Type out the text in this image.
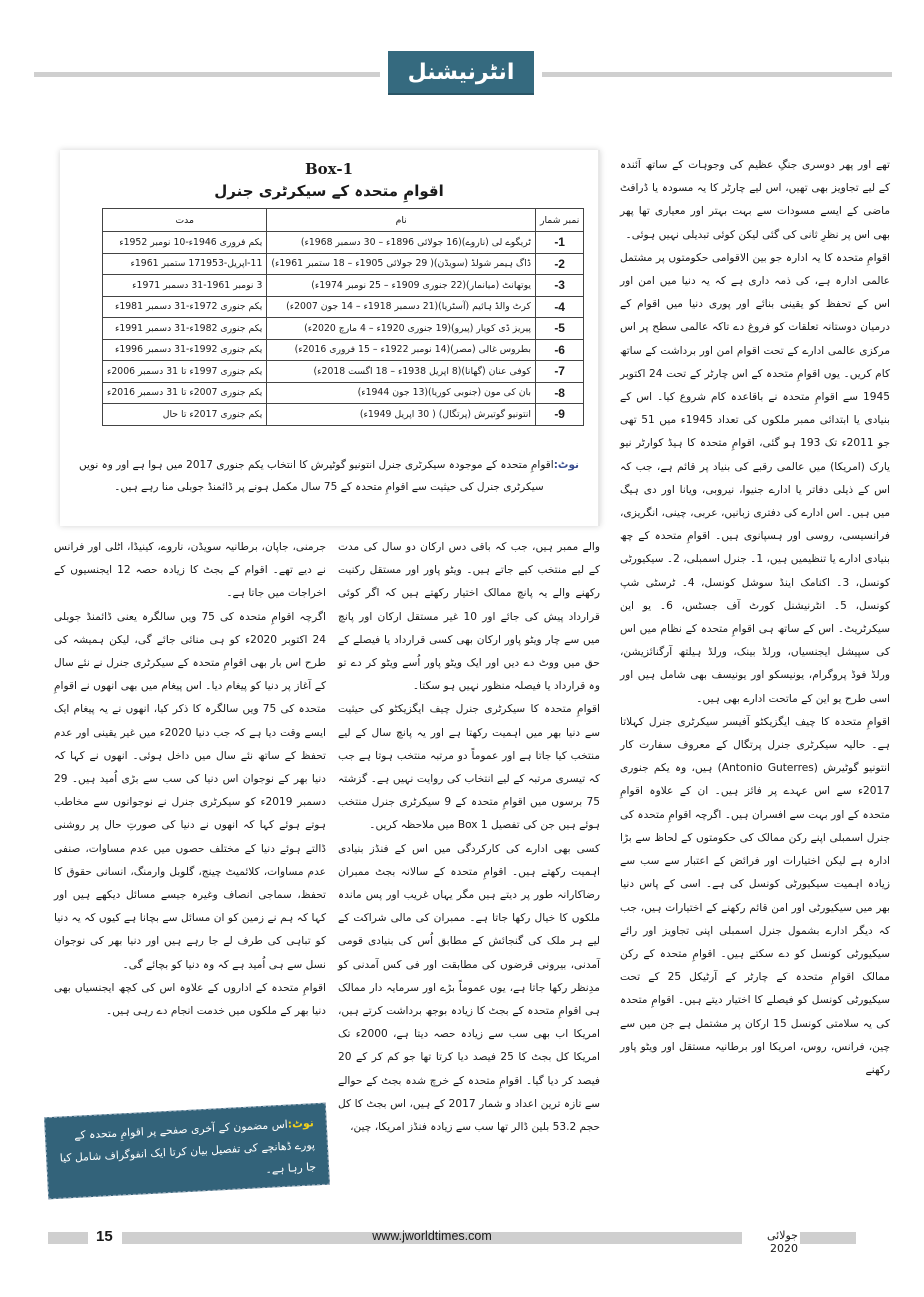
انٹرنیشنل
Box-1
اقوامِ متحدہ کے سیکرٹری جنرل
نمبر شمار	نام	مدت
-1	ٹریگوے لی (ناروے)(16 جولائی 1896ء – 30 دسمبر 1968ء)	یکم فروری 1946ء-10 نومبر 1952ء
-2	ڈاگ ہیمر شولڈ (سویڈن)( 29 جولائی 1905ء – 18 ستمبر 1961ء)	11-اپریل-171953 ستمبر 1961ء
-3	یوتھانٹ (میانمار)(22 جنوری 1909ء – 25 نومبر 1974ء)	3 نومبر 1961-31 دسمبر 1971ء
-4	کرٹ والڈ ہائیم (آسٹریا)(21 دسمبر 1918ء – 14 جون 2007ء)	یکم جنوری 1972ء-31 دسمبر 1981ء
-5	پیریز ڈی کویار (پیرو)(19 جنوری 1920ء – 4 مارچ 2020ء)	یکم جنوری 1982ء-31 دسمبر 1991ء
-6	بطروس غالی (مصر)(14 نومبر 1922ء – 15 فروری 2016ء)	یکم جنوری 1992ء-31 دسمبر 1996ء
-7	کوفی عنان (گھانا)(8 اپریل 1938ء – 18 اگست 2018ء)	یکم جنوری 1997ء تا 31 دسمبر 2006ء
-8	بان کی مون (جنوبی کوریا)(13 جون 1944ء)	یکم جنوری 2007ء تا 31 دسمبر 2016ء
-9	انتونیو گوتیرش (پرتگال) ( 30 اپریل 1949ء)	یکم جنوری 2017ء تا حال
نوٹ:اقوامِ متحدہ کے موجودہ سیکرٹری جنرل انتونیو گوٹیرش کا انتخاب یکم جنوری 2017 میں ہوا ہے اور وہ نویں سیکرٹری جنرل کی حیثیت سے اقوامِ متحدہ کے 75 سال مکمل ہونے پر ڈائمنڈ جوبلی منا رہے ہیں۔

تھے اور پھر دوسری جنگِ عظیم کی وجوہات کے ساتھ آئندہ کے لیے تجاویز بھی تھیں، اس لیے چارٹر کا یہ مسودہ یا ڈرافٹ ماضی کے ایسے مسودات سے بہت بہتر اور معیاری تھا پھر بھی اس پر نظرِ ثانی کی گئی لیکن کوئی تبدیلی نہیں ہوئی۔

اقوامِ متحدہ کا یہ ادارہ جو بین الاقوامی حکومتوں پر مشتمل عالمی ادارہ ہے، کی ذمہ داری ہے کہ یہ دنیا میں امن اور اس کے تحفظ کو یقینی بنائے اور پوری دنیا میں اقوام کے درمیان دوستانہ تعلقات کو فروغ دے تاکہ عالمی سطح پر اس مرکزی عالمی ادارے کے تحت اقوام امن اور برداشت کے ساتھ کام کریں۔ یوں اقوامِ متحدہ کے اس چارٹر کے تحت 24 اکتوبر 1945 سے اقوامِ متحدہ نے باقاعدہ کام شروع کیا۔ اس کے بنیادی یا ابتدائی ممبر ملکوں کی تعداد 1945ء میں 51 تھی جو 2011ء تک 193 ہو گئی، اقوامِ متحدہ کا ہیڈ کوارٹر نیو یارک (امریکا) میں عالمی رقبے کی بنیاد پر قائم ہے، جب کہ اس کے ذیلی دفاتر یا ادارے جنیوا، نیروبی، ویانا اور دی ہیگ میں ہیں۔ اس ادارے کی دفتری زبانیں، عربی، چینی، انگریزی، فرانسیسی، روسی اور ہسپانوی ہیں۔ اقوامِ متحدہ کے چھ بنیادی ادارے یا تنظیمیں ہیں، 1۔ جنرل اسمبلی، 2۔ سیکیورٹی کونسل، 3۔ اکنامک اینڈ سوشل کونسل، 4۔ ٹرسٹی شپ کونسل، 5۔ انٹرنیشنل کورٹ آف جسٹس، 6۔ یو این سیکرٹریٹ۔ اس کے ساتھ ہی اقوامِ متحدہ کے نظام میں اس کی سپیشل ایجنسیاں، ورلڈ بینک، ورلڈ ہیلتھ آرگنائزیشن، ورلڈ فوڈ پروگرام، یونیسکو اور یونیسف بھی شامل ہیں اور اسی طرح یو این کے ماتحت ادارے بھی ہیں۔

اقوامِ متحدہ کا چیف ایگزیکٹو آفیسر سیکرٹری جنرل کہلاتا ہے۔ حالیہ سیکرٹری جنرل پرتگال کے معروف سفارت کار انتونیو گوٹیرش (Antonio Guterres) ہیں، وہ یکم جنوری 2017ء سے اس عہدے پر فائز ہیں۔ ان کے علاوہ اقوامِ متحدہ کے اور بہت سے افسران ہیں۔ اگرچہ اقوامِ متحدہ کی جنرل اسمبلی اپنے رکن ممالک کی حکومتوں کے لحاظ سے بڑا ادارہ ہے لیکن اختیارات اور فرائض کے اعتبار سے سب سے زیادہ اہمیت سیکیورٹی کونسل کی ہے۔ اسی کے پاس دنیا بھر میں سیکیورٹی اور امن قائم رکھنے کے اختیارات ہیں، جب کہ دیگر ادارے بشمول جنرل اسمبلی اپنی تجاویز اور رائے سیکیورٹی کونسل کو دے سکتے ہیں۔ اقوامِ متحدہ کے رکن ممالک اقوامِ متحدہ کے چارٹر کے آرٹیکل 25 کے تحت سیکیورٹی کونسل کو فیصلے کا اختیار دیتے ہیں۔ اقوامِ متحدہ کی یہ سلامتی کونسل 15 ارکان پر مشتمل ہے جن میں سے چین، فرانس، روس، امریکا اور برطانیہ مستقل اور ویٹو پاور رکھنے

والے ممبر ہیں، جب کہ باقی دس ارکان دو سال کی مدت کے لیے منتخب کیے جاتے ہیں۔ ویٹو پاور اور مستقل رکنیت رکھنے والے یہ پانچ ممالک اختیار رکھتے ہیں کہ اگر کوئی قرارداد پیش کی جائے اور 10 غیر مستقل ارکان اور پانچ میں سے چار ویٹو پاور ارکان بھی کسی قرارداد یا فیصلے کے حق میں ووٹ دے دیں اور ایک ویٹو پاور اُسے ویٹو کر دے تو وہ قرارداد یا فیصلہ منظور نہیں ہو سکتا۔

اقوامِ متحدہ کا سیکرٹری جنرل چیف ایگزیکٹو کی حیثیت سے دنیا بھر میں اہمیت رکھتا ہے اور یہ پانچ سال کے لیے منتخب کیا جاتا ہے اور عموماً دو مرتبہ منتخب ہوتا ہے جب کہ تیسری مرتبہ کے لیے انتخاب کی روایت نہیں ہے۔ گزشتہ 75 برسوں میں اقوامِ متحدہ کے 9 سیکرٹری جنرل منتخب ہوئے ہیں جن کی تفصیل Box 1 میں ملاحظہ کریں۔

کسی بھی ادارے کی کارکردگی میں اس کے فنڈز بنیادی اہمیت رکھتے ہیں۔ اقوامِ متحدہ کے سالانہ بجٹ ممبران رضاکارانہ طور پر دیتے ہیں مگر یہاں غریب اور پس ماندہ ملکوں کا خیال رکھا جاتا ہے۔ ممبران کی مالی شراکت کے لیے ہر ملک کی گنجائش کے مطابق اُس کی بنیادی قومی آمدنی، بیرونی قرضوں کی مطابقت اور فی کس آمدنی کو مدِنظر رکھا جاتا ہے، یوں عموماً بڑے اور سرمایہ دار ممالک ہی اقوامِ متحدہ کے بجٹ کا زیادہ بوجھ برداشت کرتے ہیں، امریکا اب بھی سب سے زیادہ حصہ دیتا ہے، 2000ء تک امریکا کل بجٹ کا 25 فیصد دیا کرتا تھا جو کم کر کے 20 فیصد کر دیا گیا۔ اقوامِ متحدہ کے خرچ شدہ بجٹ کے حوالے سے تازہ ترین اعداد و شمار 2017 کے ہیں، اس بجٹ کا کل حجم 53.2 بلین ڈالر تھا سب سے زیادہ فنڈز امریکا، چین،

جرمنی، جاپان، برطانیہ سویڈن، ناروے، کینیڈا، اٹلی اور فرانس نے دیے تھے۔ اقوام کے بجٹ کا زیادہ حصہ 12 ایجنسیوں کے اخراجات میں جاتا ہے۔

اگرچہ اقوامِ متحدہ کی 75 ویں سالگرہ یعنی ڈائمنڈ جوبلی 24 اکتوبر 2020ء کو ہی منائی جائے گی، لیکن ہمیشہ کی طرح اس بار بھی اقوامِ متحدہ کے سیکرٹری جنرل نے نئے سال کے آغاز پر دنیا کو پیغام دیا۔ اس پیغام میں بھی انھوں نے اقوامِ متحدہ کی 75 ویں سالگرہ کا ذکر کیا، انھوں نے یہ پیغام ایک ایسے وقت دیا ہے کہ جب دنیا 2020ء میں غیر یقینی اور عدم تحفظ کے ساتھ نئے سال میں داخل ہوئی۔ انھوں نے کہا کہ دنیا بھر کے نوجوان اس دنیا کی سب سے بڑی اُمید ہیں۔ 29 دسمبر 2019ء کو سیکرٹری جنرل نے نوجوانوں سے مخاطب ہوتے ہوئے کہا کہ انھوں نے دنیا کی صورتِ حال پر روشنی ڈالتے ہوئے دنیا کے مختلف حصوں میں عدم مساوات، صنفی عدم مساوات، کلائمیٹ چینج، گلوبل وارمنگ، انسانی حقوق کا تحفظ، سماجی انصاف وغیرہ جیسے مسائل دیکھے ہیں اور کہا کہ ہم نے زمین کو ان مسائل سے بچانا ہے کیوں کہ یہ دنیا کو تباہی کی طرف لے جا رہے ہیں اور دنیا بھر کی نوجوان نسل سے ہی اُمید ہے کہ وہ دنیا کو بچائے گی۔

اقوامِ متحدہ کے اداروں کے علاوہ اس کی کچھ ایجنسیاں بھی دنیا بھر کے ملکوں میں خدمت انجام دے رہی ہیں۔

نوٹ:اس مضمون کے آخری صفحے پر اقوامِ متحدہ کے پورے ڈھانچے کی تفصیل بیان کرتا ایک انفوگراف شامل کیا جا رہا ہے۔
15	www.jworldtimes.com	جولائی 2020
